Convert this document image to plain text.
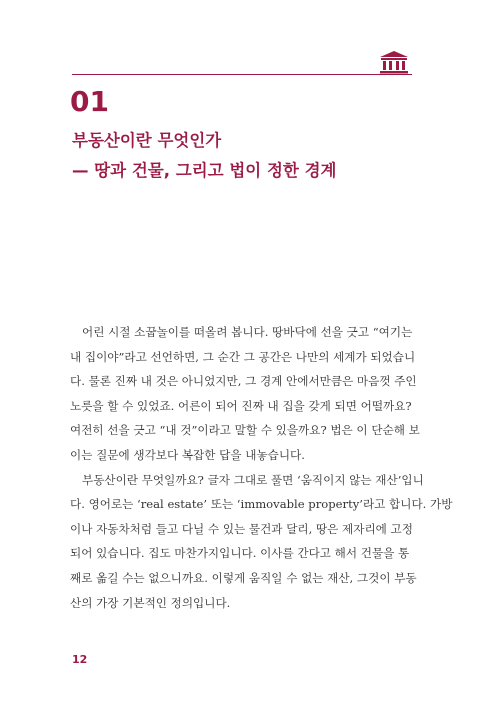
01
부동산이란 무엇인가
— 땅과 건물, 그리고 법이 정한 경계
어린 시절 소꿉놀이를 떠올려 봅니다. 땅바닥에 선을 긋고 “여기는
내 집이야”라고 선언하면, 그 순간 그 공간은 나만의 세계가 되었습니
다. 물론 진짜 내 것은 아니었지만, 그 경계 안에서만큼은 마음껏 주인
노릇을 할 수 있었죠. 어른이 되어 진짜 내 집을 갖게 되면 어떨까요?
여전히 선을 긋고 “내 것”이라고 말할 수 있을까요? 법은 이 단순해 보
이는 질문에 생각보다 복잡한 답을 내놓습니다.
부동산이란 무엇일까요? 글자 그대로 풀면 ‘움직이지 않는 재산’입니
다. 영어로는 ‘real estate’ 또는 ‘immovable property’라고 합니다. 가방
이나 자동차처럼 들고 다닐 수 있는 물건과 달리, 땅은 제자리에 고정
되어 있습니다. 집도 마찬가지입니다. 이사를 간다고 해서 건물을 통
째로 옮길 수는 없으니까요. 이렇게 움직일 수 없는 재산, 그것이 부동
산의 가장 기본적인 정의입니다.
12
